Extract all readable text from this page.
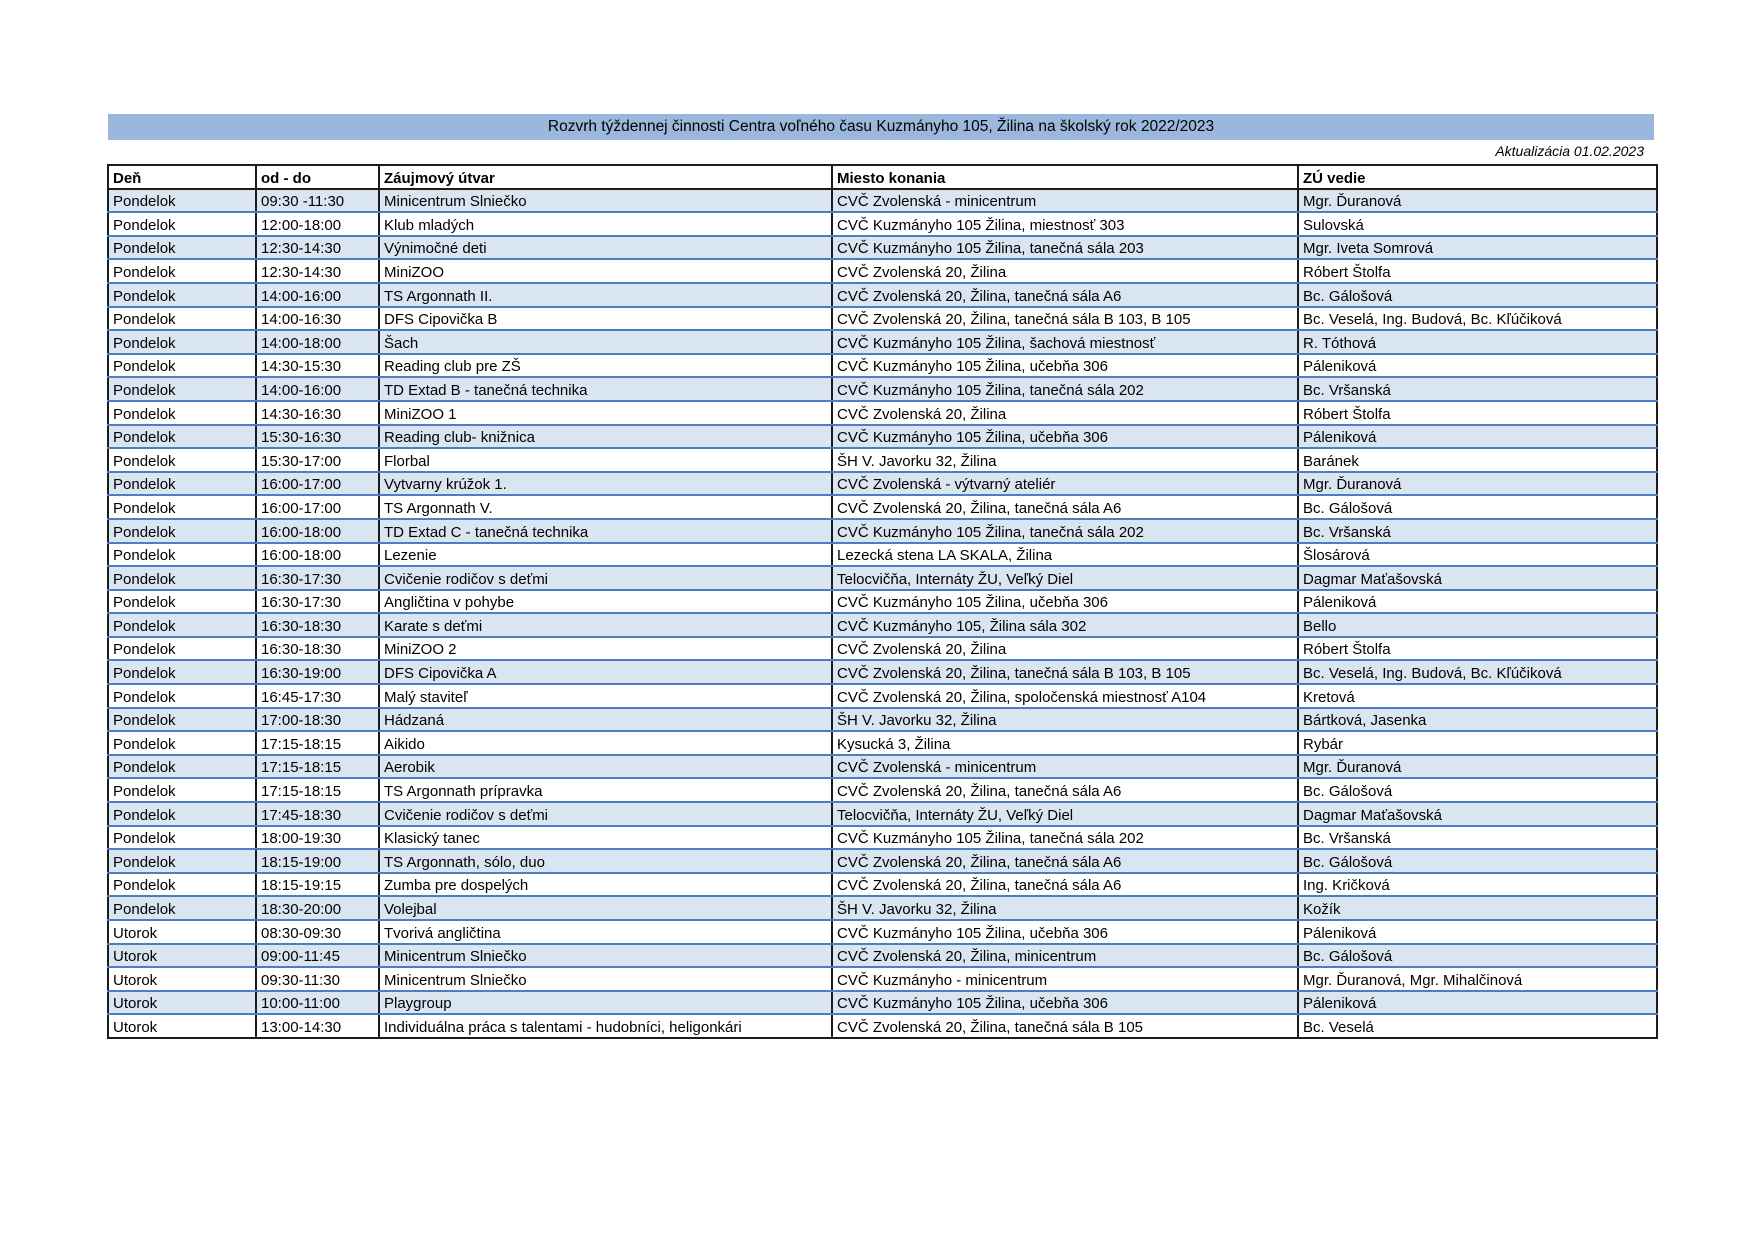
Rozvrh týždennej činnosti Centra voľného času Kuzmányho 105, Žilina na školský rok 2022/2023
Aktualizácia 01.02.2023
Deň	od - do	Záujmový útvar	Miesto konania	ZÚ vedie
Pondelok	09:30 -11:30	Minicentrum Slniečko	CVČ Zvolenská - minicentrum	Mgr. Ďuranová
Pondelok	12:00-18:00	Klub mladých	CVČ Kuzmányho 105 Žilina, miestnosť 303	Sulovská
Pondelok	12:30-14:30	Výnimočné deti	CVČ Kuzmányho 105 Žilina, tanečná sála 203	Mgr. Iveta Somrová
Pondelok	12:30-14:30	MiniZOO	CVČ Zvolenská 20, Žilina	Róbert Štolfa
Pondelok	14:00-16:00	TS Argonnath II.	CVČ Zvolenská 20, Žilina, tanečná sála A6	Bc. Gálošová
Pondelok	14:00-16:30	DFS Cipovička B	CVČ Zvolenská 20, Žilina, tanečná sála B 103, B 105	Bc. Veselá, Ing. Budová, Bc. Kľúčiková
Pondelok	14:00-18:00	Šach	CVČ Kuzmányho 105 Žilina, šachová miestnosť	R. Tóthová
Pondelok	14:30-15:30	Reading club pre ZŠ	CVČ Kuzmányho 105 Žilina, učebňa 306	Páleniková
Pondelok	14:00-16:00	TD Extad B - tanečná technika	CVČ Kuzmányho 105 Žilina, tanečná sála 202	Bc. Vršanská
Pondelok	14:30-16:30	MiniZOO 1	CVČ Zvolenská 20, Žilina	Róbert Štolfa
Pondelok	15:30-16:30	Reading club- knižnica	CVČ Kuzmányho 105 Žilina, učebňa 306	Páleniková
Pondelok	15:30-17:00	Florbal	ŠH V. Javorku 32, Žilina	Baránek
Pondelok	16:00-17:00	Vytvarny krúžok 1.	CVČ Zvolenská - výtvarný ateliér	Mgr. Ďuranová
Pondelok	16:00-17:00	TS Argonnath V.	CVČ Zvolenská 20, Žilina, tanečná sála A6	Bc. Gálošová
Pondelok	16:00-18:00	TD Extad C - tanečná technika	CVČ Kuzmányho 105 Žilina, tanečná sála 202	Bc. Vršanská
Pondelok	16:00-18:00	Lezenie	Lezecká stena LA SKALA, Žilina	Šlosárová
Pondelok	16:30-17:30	Cvičenie rodičov s deťmi	Telocvičňa, Internáty ŽU, Veľký Diel	Dagmar Maťašovská
Pondelok	16:30-17:30	Angličtina v pohybe	CVČ Kuzmányho 105 Žilina, učebňa 306	Páleniková
Pondelok	16:30-18:30	Karate s deťmi	CVČ Kuzmányho 105, Žilina sála 302	Bello
Pondelok	16:30-18:30	MiniZOO 2	CVČ Zvolenská 20, Žilina	Róbert Štolfa
Pondelok	16:30-19:00	DFS Cipovička A	CVČ Zvolenská 20, Žilina, tanečná sála B 103, B 105	Bc. Veselá, Ing. Budová, Bc. Kľúčiková
Pondelok	16:45-17:30	Malý staviteľ	CVČ Zvolenská 20, Žilina, spoločenská miestnosť A104	Kretová
Pondelok	17:00-18:30	Hádzaná	ŠH V. Javorku 32, Žilina	Bártková, Jasenka
Pondelok	17:15-18:15	Aikido	Kysucká 3, Žilina	Rybár
Pondelok	17:15-18:15	Aerobik	CVČ Zvolenská - minicentrum	Mgr. Ďuranová
Pondelok	17:15-18:15	TS Argonnath prípravka	CVČ Zvolenská 20, Žilina, tanečná sála A6	Bc. Gálošová
Pondelok	17:45-18:30	Cvičenie rodičov s deťmi	Telocvičňa, Internáty ŽU, Veľký Diel	Dagmar Maťašovská
Pondelok	18:00-19:30	Klasický tanec	CVČ Kuzmányho 105 Žilina, tanečná sála 202	Bc. Vršanská
Pondelok	18:15-19:00	TS Argonnath, sólo, duo	CVČ Zvolenská 20, Žilina, tanečná sála A6	Bc. Gálošová
Pondelok	18:15-19:15	Zumba pre dospelých	CVČ Zvolenská 20, Žilina, tanečná sála A6	Ing. Kričková
Pondelok	18:30-20:00	Volejbal	ŠH V. Javorku 32, Žilina	Kožík
Utorok	08:30-09:30	Tvorivá angličtina	CVČ Kuzmányho 105 Žilina, učebňa 306	Páleniková
Utorok	09:00-11:45	Minicentrum Slniečko	CVČ Zvolenská 20, Žilina, minicentrum	Bc. Gálošová
Utorok	09:30-11:30	Minicentrum Slniečko	CVČ Kuzmányho - minicentrum	Mgr. Ďuranová, Mgr. Mihalčinová
Utorok	10:00-11:00	Playgroup	CVČ Kuzmányho 105 Žilina, učebňa 306	Páleniková
Utorok	13:00-14:30	Individuálna práca s talentami - hudobníci, heligonkári	CVČ Zvolenská 20, Žilina, tanečná sála B 105	Bc. Veselá
